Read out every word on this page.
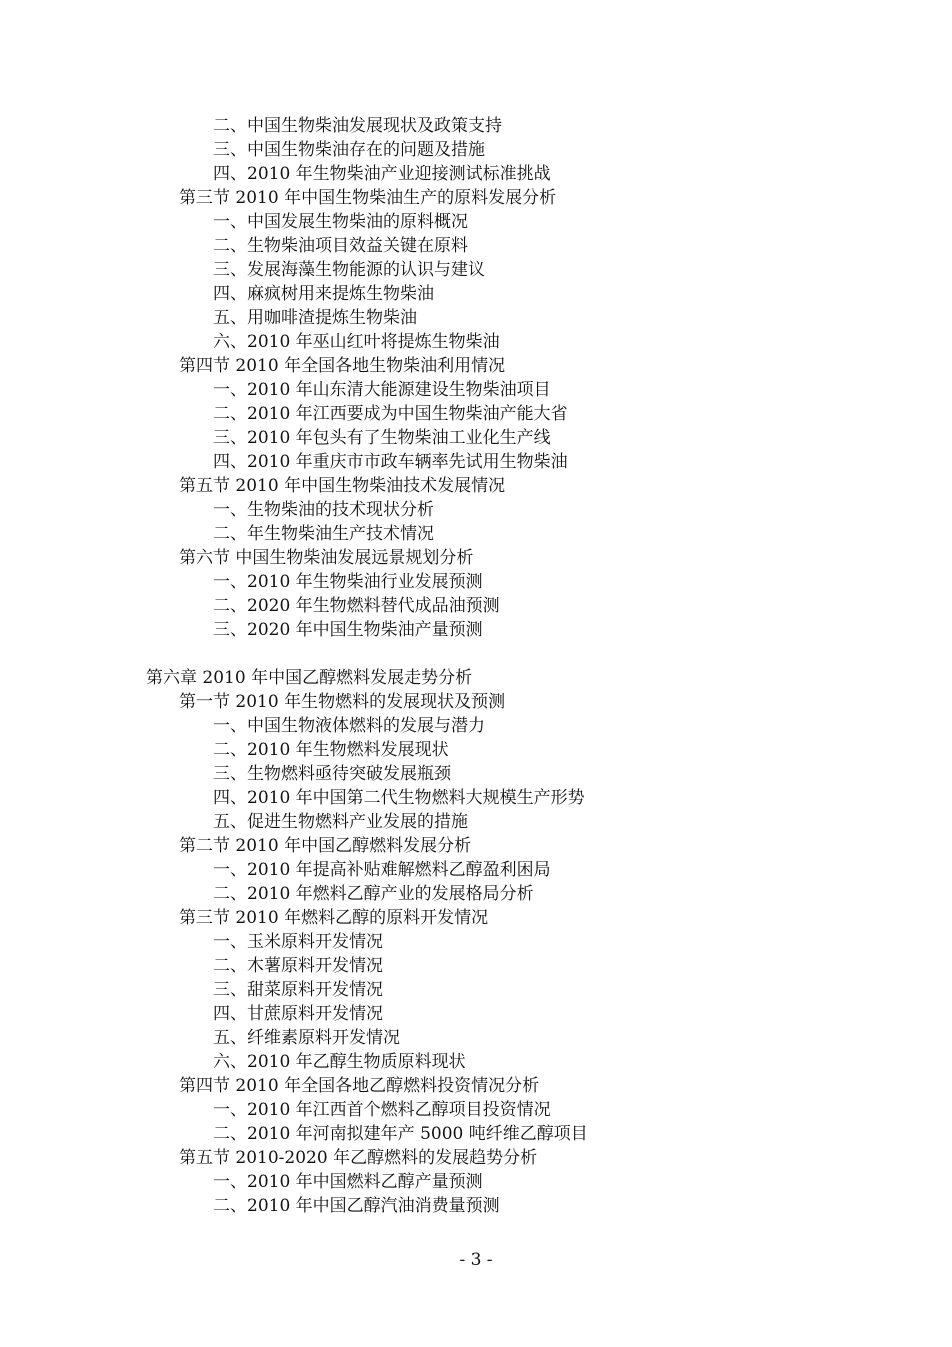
二、中国生物柴油发展现状及政策支持
三、中国生物柴油存在的问题及措施
四、2010 年生物柴油产业迎接测试标准挑战
第三节 2010 年中国生物柴油生产的原料发展分析
一、中国发展生物柴油的原料概况
二、生物柴油项目效益关键在原料
三、发展海藻生物能源的认识与建议
四、麻疯树用来提炼生物柴油
五、用咖啡渣提炼生物柴油
六、2010 年巫山红叶将提炼生物柴油
第四节 2010 年全国各地生物柴油利用情况
一、2010 年山东清大能源建设生物柴油项目
二、2010 年江西要成为中国生物柴油产能大省
三、2010 年包头有了生物柴油工业化生产线
四、2010 年重庆市市政车辆率先试用生物柴油
第五节 2010 年中国生物柴油技术发展情况
一、生物柴油的技术现状分析
二、年生物柴油生产技术情况
第六节 中国生物柴油发展远景规划分析
一、2010 年生物柴油行业发展预测
二、2020 年生物燃料替代成品油预测
三、2020 年中国生物柴油产量预测
第六章 2010 年中国乙醇燃料发展走势分析
第一节 2010 年生物燃料的发展现状及预测
一、中国生物液体燃料的发展与潜力
二、2010 年生物燃料发展现状
三、生物燃料亟待突破发展瓶颈
四、2010 年中国第二代生物燃料大规模生产形势
五、促进生物燃料产业发展的措施
第二节 2010 年中国乙醇燃料发展分析
一、2010 年提高补贴难解燃料乙醇盈利困局
二、2010 年燃料乙醇产业的发展格局分析
第三节 2010 年燃料乙醇的原料开发情况
一、玉米原料开发情况
二、木薯原料开发情况
三、甜菜原料开发情况
四、甘蔗原料开发情况
五、纤维素原料开发情况
六、2010 年乙醇生物质原料现状
第四节 2010 年全国各地乙醇燃料投资情况分析
一、2010 年江西首个燃料乙醇项目投资情况
二、2010 年河南拟建年产 5000 吨纤维乙醇项目
第五节 2010-2020 年乙醇燃料的发展趋势分析
一、2010 年中国燃料乙醇产量预测
二、2010 年中国乙醇汽油消费量预测
- 3 -
